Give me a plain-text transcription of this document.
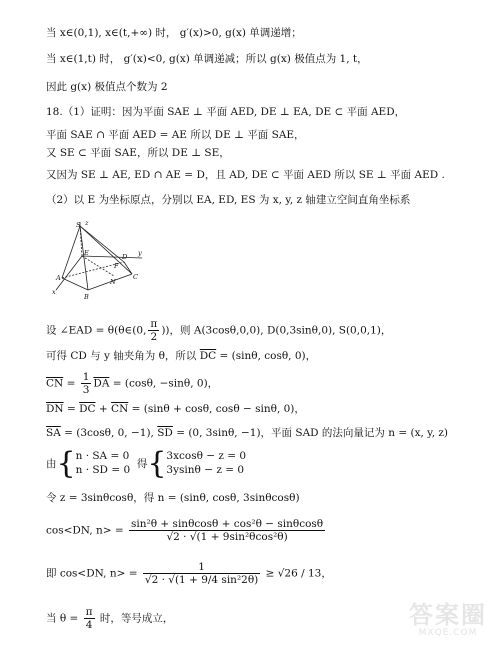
当 x∈(0,1), x∈(t,+∞) 时， g′(x)>0, g(x) 单调递增；
当 x∈(1,t) 时， g′(x)<0, g(x) 单调递减；所以 g(x) 极值点为 1, t，
因此 g(x) 极值点个数为 2
18.（1）证明：因为平面 SAE ⊥ 平面 AED, DE ⊥ EA, DE ⊂ 平面 AED，
平面 SAE ∩ 平面 AED = AE 所以 DE ⊥ 平面 SAE，
又 SE ⊂ 平面 SAE，所以 DE ⊥ SE，
又因为 SE ⊥ AE, ED ∩ AE = D，且 AD, DE ⊂ 平面 AED 所以 SE ⊥ 平面 AED .
（2）以 E 为坐标原点，分别以 EA, ED, ES 为 x, y, z 轴建立空间直角坐标系
S z
E	D y
A
x
B
C
N
F
设 ∠EAD = θ(θ∈(0, $\frac{\pi}{2}$ ))，则 A(3cosθ,0,0), D(0,3sinθ,0), S(0,0,1)，
可得 CD 与 y 轴夹角为 θ，所以 $\overline{DC} = (\sin\theta$, cosθ, 0)，
$\overline{CN} = \frac{1}{3} \overline{DA} = (\cos\theta$, −sinθ, 0)，
$\overline{DN} = \overline{DC} + \overline{CN} = (\sin\theta + \cos\theta$, cosθ − sinθ, 0)，
$\overline{SA} = (3\cos\theta$, 0, −1), $\overline{SD} = (0$, 3sinθ, −1)，平面 SAD 的法向量记为 n = (x, y, z)
由{ n · SA = 0
n · SD = 0 得{ 3xcosθ − z = 0
3ysinθ − z = 0
令 z = 3sinθcosθ，得 n = (sinθ, cosθ, 3sinθcosθ)
cos<DN, $n> = \frac{\text{sin²θ + sinθcosθ + cos²θ − sinθcosθ}}{\text{√2 · √(1 + 9sin²θcos²θ)}}$
即 cos<DN, $n> = \frac{1}{\text{√2 · √(1 + 9/4 sin²2θ)}} \ge √26 / 13$，
当 $\theta = \frac{\pi}{4}$ 时，等号成立，	答案圈
MXQE.COM
